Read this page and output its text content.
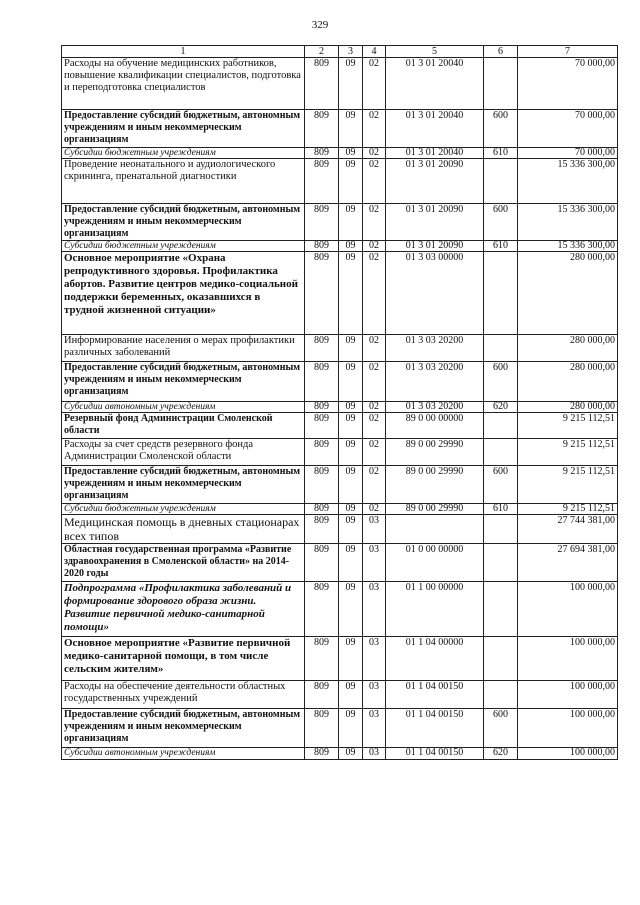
329
1	2	3	4	5	6	7
Расходы на обучение медицинских работников, повышение квалификации специалистов, подготовка и переподготовка специалистов	809	09	02	01 3 01 20040		70 000,00
Предоставление субсидий бюджетным, автономным учреждениям и иным некоммерческим организациям	809	09	02	01 3 01 20040	600	70 000,00
Субсидии бюджетным учреждениям	809	09	02	01 3 01 20040	610	70 000,00
Проведение неонатального и аудиологического скрининга, пренатальной диагностики	809	09	02	01 3 01 20090		15 336 300,00
Предоставление субсидий бюджетным, автономным учреждениям и иным некоммерческим организациям	809	09	02	01 3 01 20090	600	15 336 300,00
Субсидии бюджетным учреждениям	809	09	02	01 3 01 20090	610	15 336 300,00
Основное мероприятие «Охрана репродуктивного здоровья. Профилактика абортов. Развитие центров медико-социальной поддержки беременных, оказавшихся в трудной жизненной ситуации»	809	09	02	01 3 03 00000		280 000,00
Информирование населения о мерах профилактики различных заболеваний	809	09	02	01 3 03 20200		280 000,00
Предоставление субсидий бюджетным, автономным учреждениям и иным некоммерческим организациям	809	09	02	01 3 03 20200	600	280 000,00
Субсидии автономным учреждениям	809	09	02	01 3 03 20200	620	280 000,00
Резервный фонд Администрации Смоленской области	809	09	02	89 0 00 00000		9 215 112,51
Расходы за счет средств резервного фонда Администрации Смоленской области	809	09	02	89 0 00 29990		9 215 112,51
Предоставление субсидий бюджетным, автономным учреждениям и иным некоммерческим организациям	809	09	02	89 0 00 29990	600	9 215 112,51
Субсидии бюджетным учреждениям	809	09	02	89 0 00 29990	610	9 215 112,51
Медицинская помощь в дневных стационарах всех типов	809	09	03			27 744 381,00
Областная государственная программа «Развитие здравоохранения в Смоленской области» на 2014-2020 годы	809	09	03	01 0 00 00000		27 694 381,00
Подпрограмма «Профилактика заболеваний и формирование здорового образа жизни. Развитие первичной медико-санитарной помощи»	809	09	03	01 1 00 00000		100 000,00
Основное мероприятие «Развитие первичной медико-санитарной помощи, в том числе сельским жителям»	809	09	03	01 1 04 00000		100 000,00
Расходы на обеспечение деятельности областных государственных учреждений	809	09	03	01 1 04 00150		100 000,00
Предоставление субсидий бюджетным, автономным учреждениям и иным некоммерческим организациям	809	09	03	01 1 04 00150	600	100 000,00
Субсидии автономным учреждениям	809	09	03	01 1 04 00150	620	100 000,00
